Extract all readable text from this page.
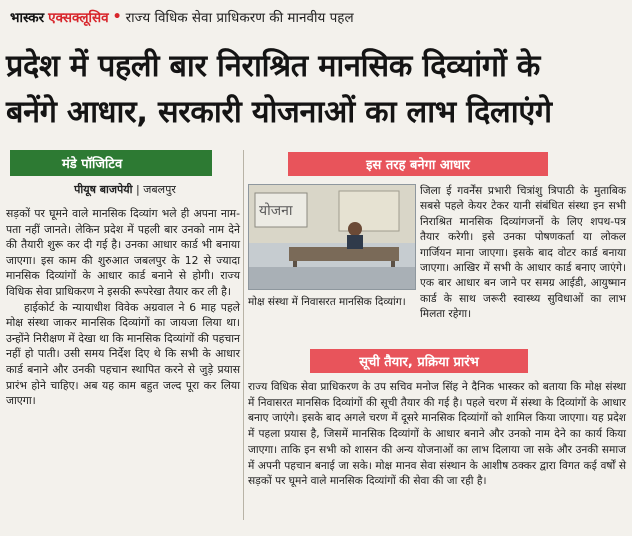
भास्कर एक्सक्लूसिव • राज्य विधिक सेवा प्राधिकरण की मानवीय पहल
प्रदेश में पहली बार निराश्रित मानसिक दिव्यांगों के
बनेंगे आधार, सरकारी योजनाओं का लाभ दिलाएंगे
मंडे पॉजिटिव
पीयूष बाजपेयी | जबलपुर

सड़कों पर घूमने वाले मानसिक दिव्यांग भले ही अपना नाम-पता नहीं जानते। लेकिन प्रदेश में पहली बार उनको नाम देने की तैयारी शुरू कर दी गई है। उनका आधार कार्ड भी बनाया जाएगा। इस काम की शुरुआत जबलपुर के 12 से ज्यादा मानसिक दिव्यांगों के आधार कार्ड बनाने से होगी। राज्य विधिक सेवा प्राधिकरण ने इसकी रूपरेखा तैयार कर ली है।

हाईकोर्ट के न्यायाधीश विवेक अग्रवाल ने 6 माह पहले मोक्ष संस्था जाकर मानसिक दिव्यांगों का जायजा लिया था। उन्होंने निरीक्षण में देखा था कि मानसिक दिव्यांगों की पहचान नहीं हो पाती। उसी समय निर्देश दिए थे कि सभी के आधार कार्ड बनाने और उनकी पहचान स्थापित करने से जुड़े प्रयास प्रारंभ होने चाहिए। अब यह काम बहुत जल्द पूरा कर लिया जाएगा।

इस तरह बनेगा आधार
योजना
मोक्ष संस्था में निवासरत मानसिक दिव्यांग।
जिला ई गवर्नेंस प्रभारी चित्रांशु त्रिपाठी के मुताबिक सबसे पहले केयर टेकर यानी संबंधित संस्था इन सभी निराश्रित मानसिक दिव्यांगजनों के लिए शपथ-पत्र तैयार करेगी। इसे उनका पोषणकर्ता या लोकल गार्जियन माना जाएगा। इसके बाद वोटर कार्ड बनाया जाएगा। आखिर में सभी के आधार कार्ड बनाए जाएंगे। एक बार आधार बन जाने पर समग्र आईडी, आयुष्मान कार्ड के साथ जरूरी स्वास्थ्य सुविधाओं का लाभ मिलता रहेगा।
सूची तैयार, प्रक्रिया प्रारंभ
राज्य विधिक सेवा प्राधिकरण के उप सचिव मनोज सिंह ने दैनिक भास्कर को बताया कि मोक्ष संस्था में निवासरत मानसिक दिव्यांगों की सूची तैयार की गई है। पहले चरण में संस्था के दिव्यांगों के आधार बनाए जाएंगे। इसके बाद अगले चरण में दूसरे मानसिक दिव्यांगों को शामिल किया जाएगा। यह प्रदेश में पहला प्रयास है, जिसमें मानसिक दिव्यांगों के आधार बनाने और उनको नाम देने का कार्य किया जाएगा। ताकि इन सभी को शासन की अन्य योजनाओं का लाभ दिलाया जा सके और उनकी समाज में अपनी पहचान बनाई जा सके। मोक्ष मानव सेवा संस्थान के आशीष ठक्कर द्वारा विगत कई वर्षों से सड़कों पर घूमने वाले मानसिक दिव्यांगों की सेवा की जा रही है।
